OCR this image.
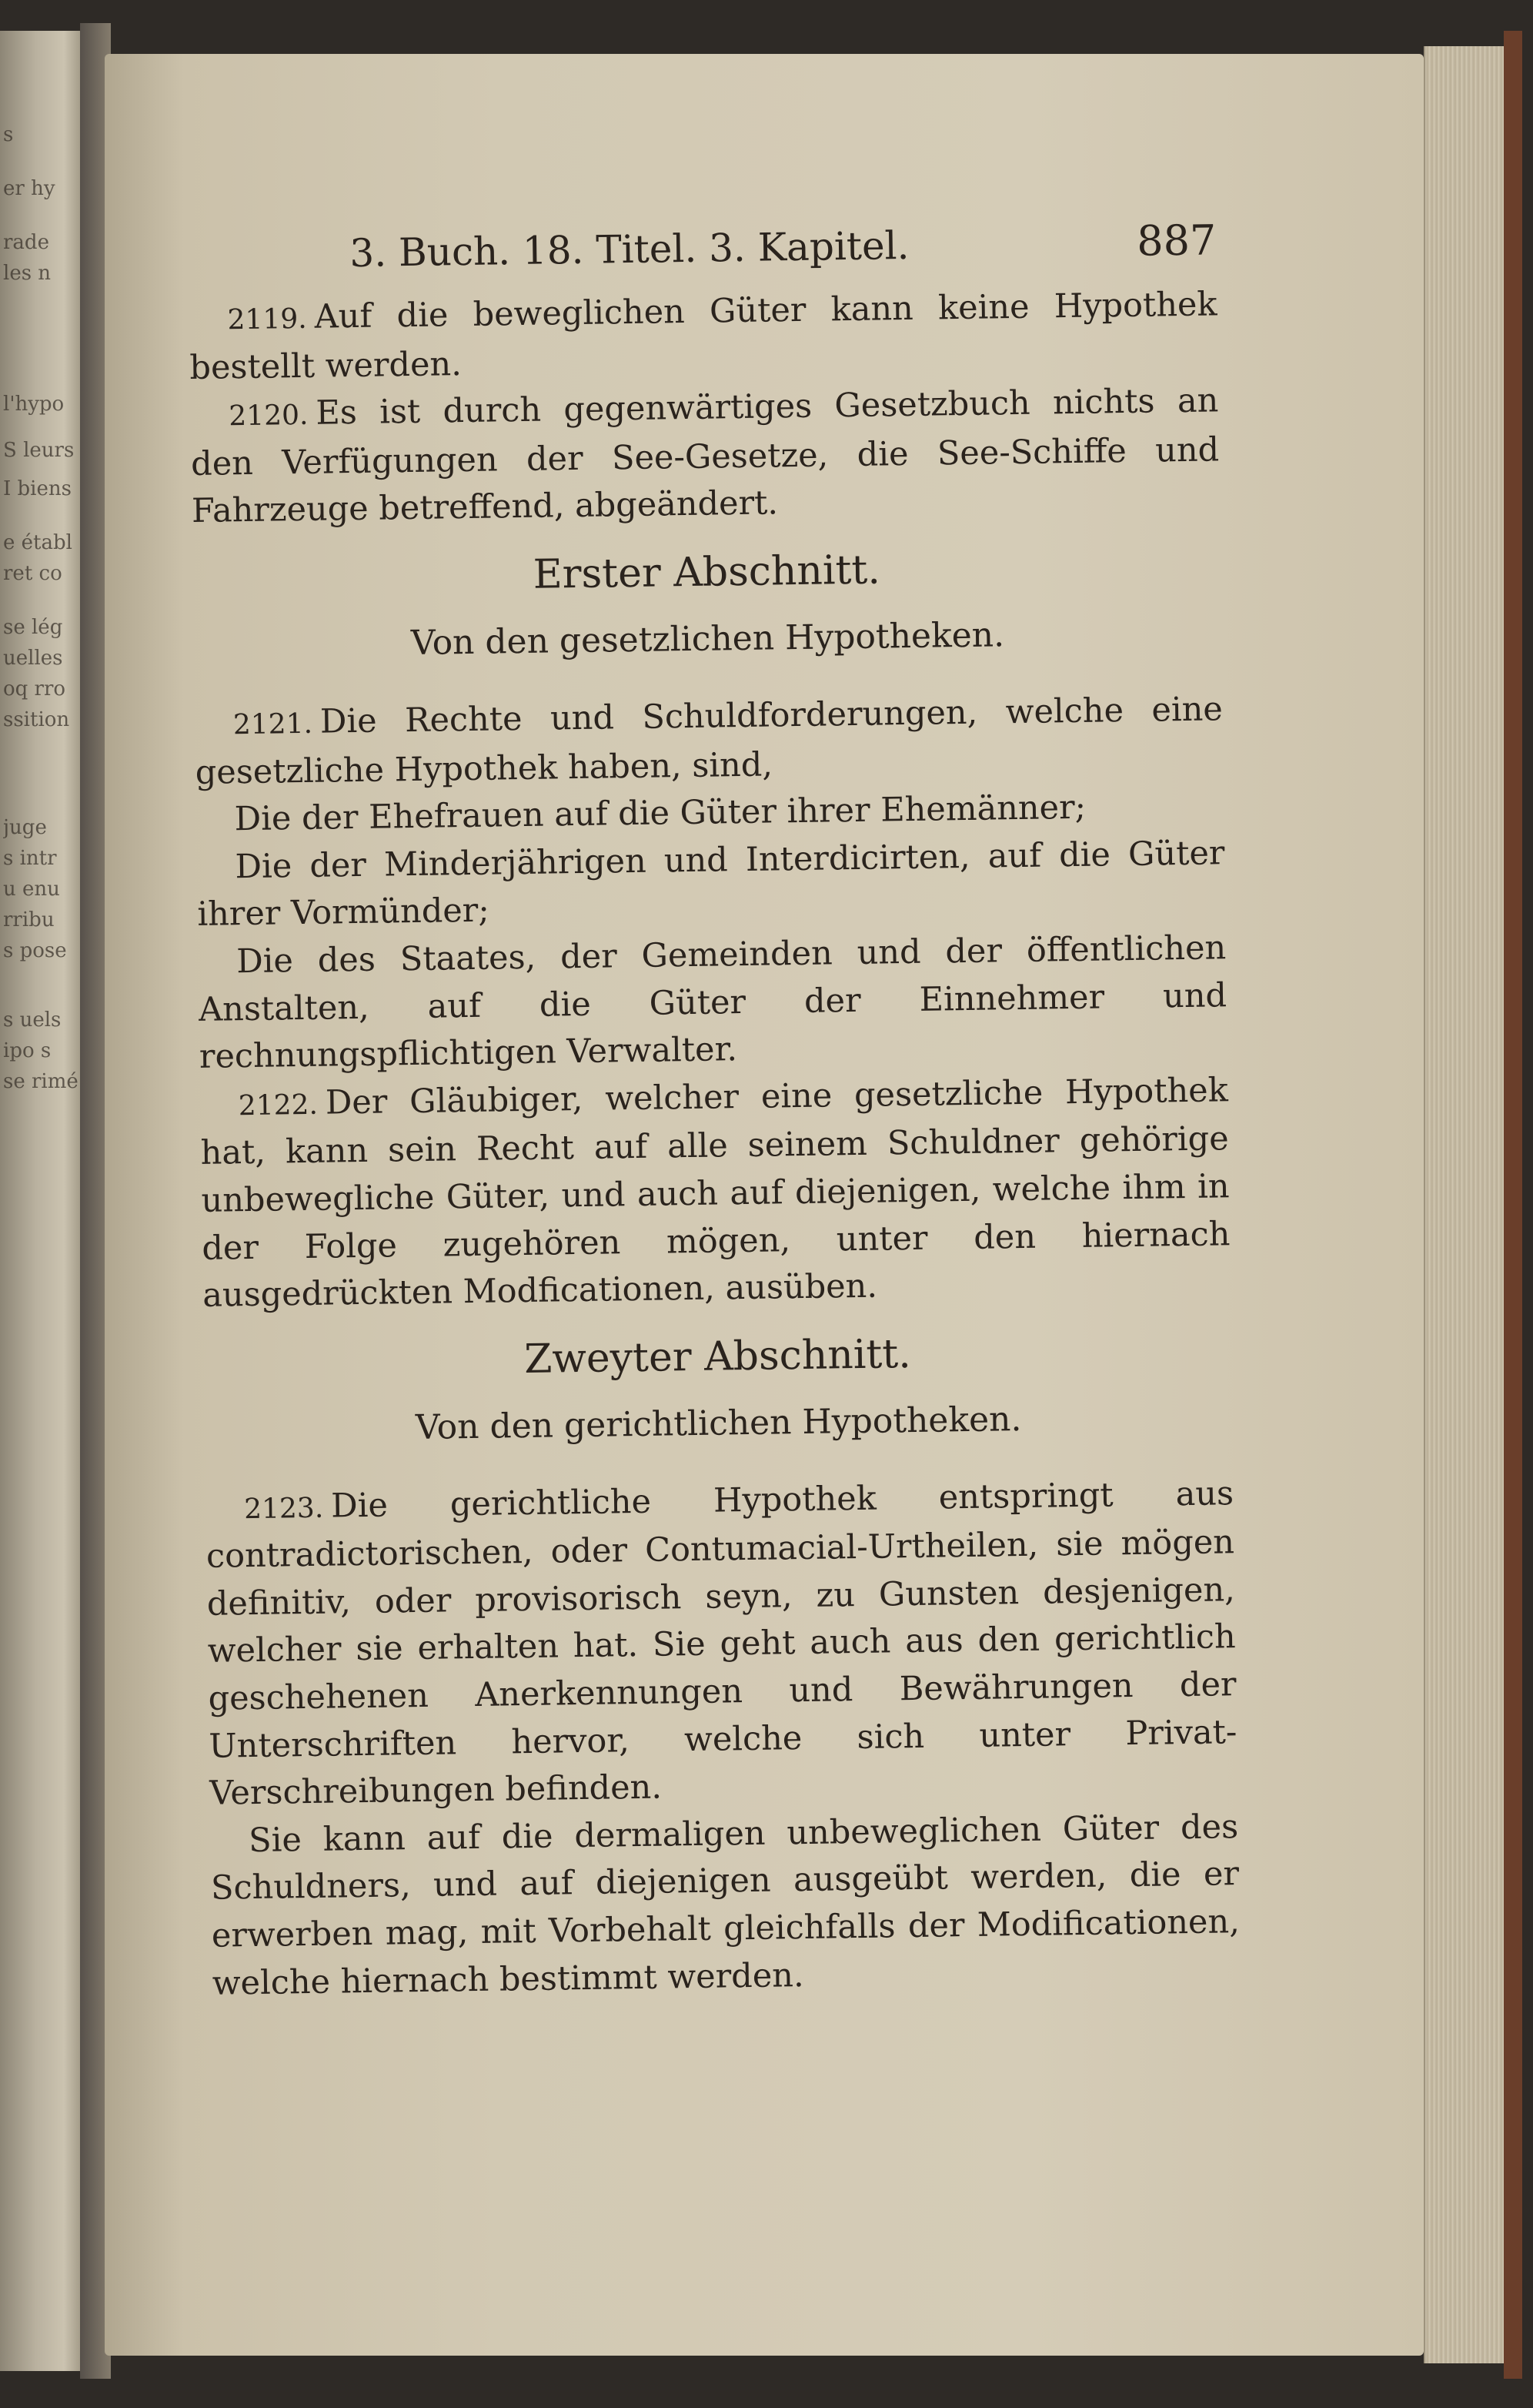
s
er hy
rade
les n
l'hypo
S leurs
I biens
e établ
ret co
se lég
uelles
oq rro
ssition
juge
s intr
u enu
rribu
s pose
s uels
ipo s
se rimé
3. Buch. 18. Titel. 3. Kapitel.	887

2119. Auf die beweglichen Güter kann keine Hypothek bestellt werden.

2120. Es ist durch gegenwärtiges Gesetzbuch nichts an den Verfügungen der See-Gesetze, die See-Schiffe und Fahrzeuge betreffend, abgeändert.

Erster Abschnitt.
Von den gesetzlichen Hypotheken.

2121. Die Rechte und Schuldforderungen, welche eine gesetzliche Hypothek haben, sind,

Die der Ehefrauen auf die Güter ihrer Ehemänner;

Die der Minderjährigen und Interdicirten, auf die Güter ihrer Vormünder;

Die des Staates, der Gemeinden und der öffentlichen Anstalten, auf die Güter der Einnehmer und rechnungspflichtigen Verwalter.

2122. Der Gläubiger, welcher eine gesetzliche Hypothek hat, kann sein Recht auf alle seinem Schuldner gehörige unbewegliche Güter, und auch auf diejenigen, welche ihm in der Folge zugehören mögen, unter den hiernach ausgedrückten Modficationen, ausüben.

Zweyter Abschnitt.
Von den gerichtlichen Hypotheken.

2123. Die gerichtliche Hypothek entspringt aus contradictorischen, oder Contumacial-Urtheilen, sie mögen definitiv, oder provisorisch seyn, zu Gunsten desjenigen, welcher sie erhalten hat. Sie geht auch aus den gerichtlich geschehenen Anerkennungen und Bewährungen der Unterschriften hervor, welche sich unter Privat-Verschreibungen befinden.

Sie kann auf die dermaligen unbeweglichen Güter des Schuldners, und auf diejenigen ausgeübt werden, die er erwerben mag, mit Vorbehalt gleichfalls der Modificationen, welche hiernach bestimmt werden.
